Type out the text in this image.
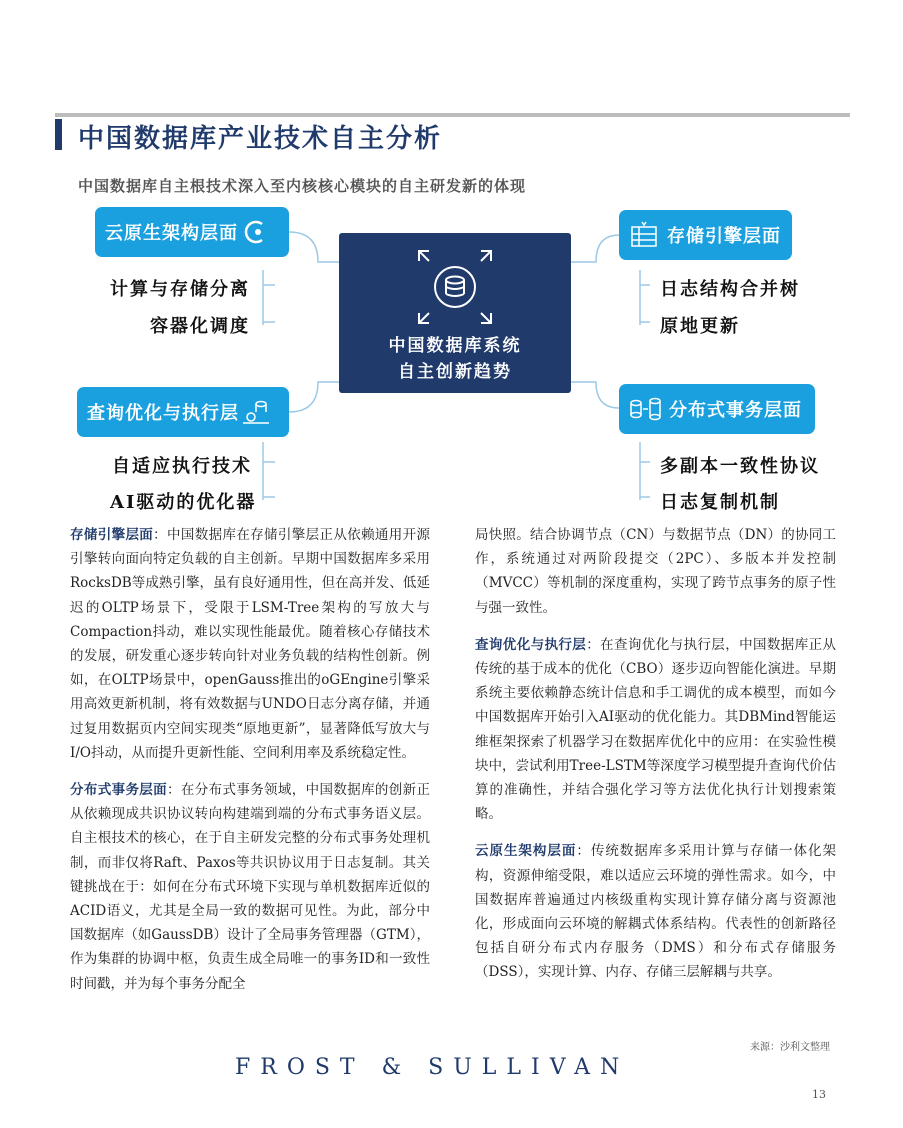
中国数据库产业技术自主分析
中国数据库自主根技术深入至内核核心模块的自主研发新的体现
云原生架构层面
计算与存储分离
容器化调度
查询优化与执行层
自适应执行技术
AI驱动的优化器
存储引擎层面
日志结构合并树
原地更新
分布式事务层面
多副本一致性协议
日志复制机制
中国数据库系统
自主创新趋势

存储引擎层面：中国数据库在存储引擎层正从依赖通用开源引擎转向面向特定负载的自主创新。早期中国数据库多采用RocksDB等成熟引擎，虽有良好通用性，但在高并发、低延迟的OLTP场景下，受限于LSM-Tree架构的写放大与Compaction抖动，难以实现性能最优。随着核心存储技术的发展，研发重心逐步转向针对业务负载的结构性创新。例如，在OLTP场景中，openGauss推出的oGEngine引擎采用高效更新机制，将有效数据与UNDO日志分离存储，并通过复用数据页内空间实现类“原地更新”，显著降低写放大与I/O抖动，从而提升更新性能、空间利用率及系统稳定性。

分布式事务层面：在分布式事务领域，中国数据库的创新正从依赖现成共识协议转向构建端到端的分布式事务语义层。自主根技术的核心，在于自主研发完整的分布式事务处理机制，而非仅将Raft、Paxos等共识协议用于日志复制。其关键挑战在于：如何在分布式环境下实现与单机数据库近似的ACID语义，尤其是全局一致的数据可见性。为此，部分中国数据库（如GaussDB）设计了全局事务管理器（GTM），作为集群的协调中枢，负责生成全局唯一的事务ID和一致性时间戳，并为每个事务分配全

局快照。结合协调节点（CN）与数据节点（DN）的协同工作，系统通过对两阶段提交（2PC）、多版本并发控制（MVCC）等机制的深度重构，实现了跨节点事务的原子性与强一致性。

查询优化与执行层：在查询优化与执行层，中国数据库正从传统的基于成本的优化（CBO）逐步迈向智能化演进。早期系统主要依赖静态统计信息和手工调优的成本模型，而如今中国数据库开始引入AI驱动的优化能力。其DBMind智能运维框架探索了机器学习在数据库优化中的应用：在实验性模块中，尝试利用Tree-LSTM等深度学习模型提升查询代价估算的准确性，并结合强化学习等方法优化执行计划搜索策略。

云原生架构层面：传统数据库多采用计算与存储一体化架构，资源伸缩受限，难以适应云环境的弹性需求。如今，中国数据库普遍通过内核级重构实现计算存储分离与资源池化，形成面向云环境的解耦式体系结构。代表性的创新路径包括自研分布式内存服务（DMS）和分布式存储服务（DSS），实现计算、内存、存储三层解耦与共享。

来源：沙利文整理
FROST & SULLIVAN
13
